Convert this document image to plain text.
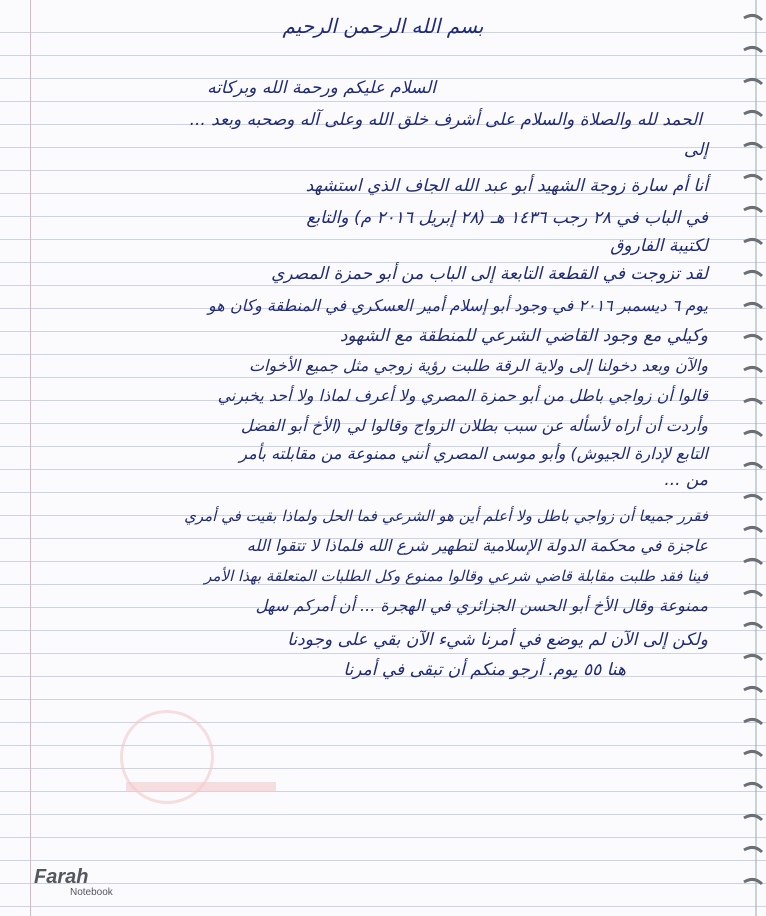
بسم الله الرحمن الرحيم
السلام عليكم ورحمة الله وبركاته
الحمد لله والصلاة والسلام على أشرف خلق الله وعلى آله وصحبه وبعد ...
إلى
أنا أم سارة زوجة الشهيد أبو عبد الله الجاف الذي استشهد
في الباب في ٢٨ رجب ١٤٣٦ هـ (٢٨ إبريل ٢٠١٦ م) والتابع
لكتيبة الفاروق
لقد تزوجت في القطعة التابعة إلى الباب من أبو حمزة المصري
يوم ٦ ديسمبر ٢٠١٦ في وجود أبو إسلام أمير العسكري في المنطقة وكان هو
وكيلي مع وجود القاضي الشرعي للمنطقة مع الشهود
والآن وبعد دخولنا إلى ولاية الرقة طلبت رؤية زوجي مثل جميع الأخوات
قالوا أن زواجي باطل من أبو حمزة المصري ولا أعرف لماذا ولا أحد يخبرني
وأردت أن أراه لأسأله عن سبب بطلان الزواج وقالوا لي (الأخ أبو الفضل
التابع لإدارة الجيوش) وأبو موسى المصري أنني ممنوعة من مقابلته بأمر
من ...
فقرر جميعا أن زواجي باطل ولا أعلم أين هو الشرعي فما الحل ولماذا بقيت في أمري
عاجزة في محكمة الدولة الإسلامية لتطهير شرع الله فلماذا لا تتقوا الله
فينا فقد طلبت مقابلة قاضي شرعي وقالوا ممنوع وكل الطلبات المتعلقة بهذا الأمر
ممنوعة وقال الأخ أبو الحسن الجزائري في الهجرة ... أن أمركم سهل
ولكن إلى الآن لم يوضع في أمرنا شيء الآن بقي على وجودنا
هنا ٥٥ يوم. أرجو منكم أن تبقى في أمرنا
Farah
Notebook
